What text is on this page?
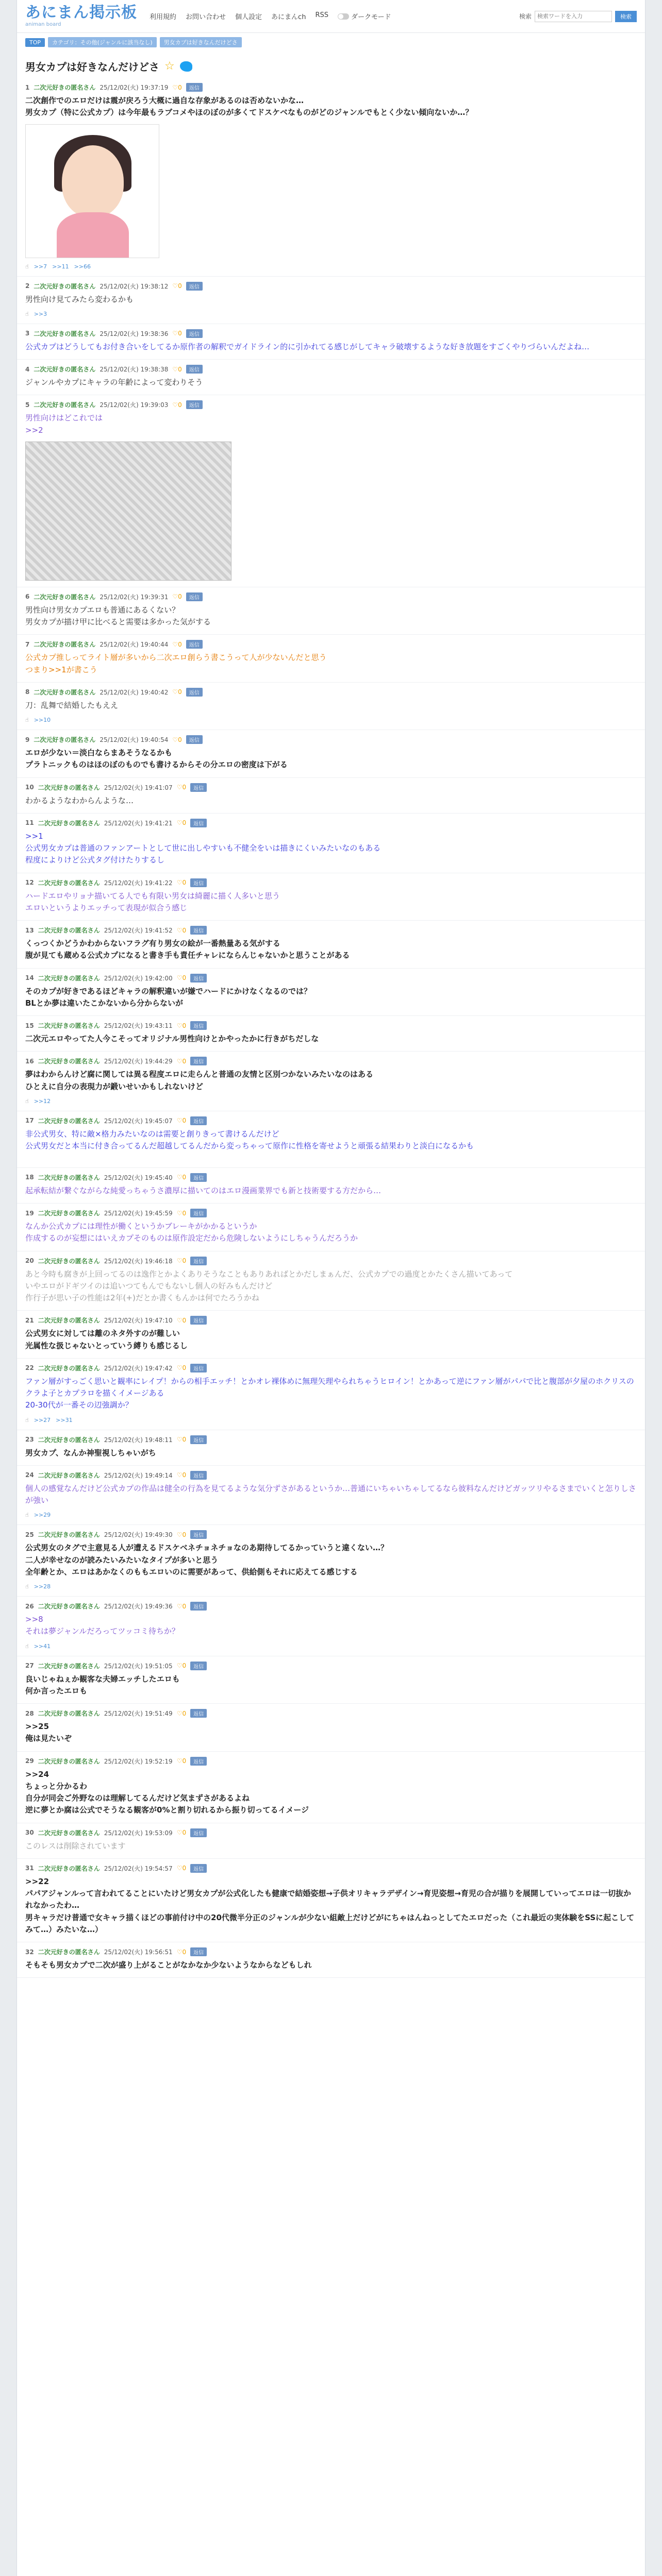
あにまん掲示板
animan board
利用規約 お問い合わせ 個人設定 あにまんch RSS	ダークモード	検索
検索ワードを入力	検索
TOP	カテゴリ：その他(ジャンルに該当なし)	男女カプは好きなんだけどさ
男女カプは好きなんだけどさ ☆
1 二次元好きの匿名さん 25/12/02(火) 19:37:19 ♡0	返信
二次創作でのエロだけは震が戻ろう大概に過自な存象があるのは否めないかな…
男女カプ（特に公式カプ）は今年最もラブコメやほのぼのが多くてドスケベなものがどのジャンルでもとく少ない傾向ないか…？
☝ >>7 >>11 >>66
2 二次元好きの匿名さん 25/12/02(火) 19:38:12 ♡0	返信
男性向け見てみたら変わるかも
☝ >>3
3 二次元好きの匿名さん 25/12/02(火) 19:38:36 ♡0	返信
公式カプはどうしてもお付き合いをしてるか原作者の解釈でガイドライン的に引かれてる感じがしてキャラ破壊するような好き放題をすごくやりづらいんだよね…
4 二次元好きの匿名さん 25/12/02(火) 19:38:38 ♡0	返信
ジャンルやカプにキャラの年齢によって変わりそう
5 二次元好きの匿名さん 25/12/02(火) 19:39:03 ♡0	返信
男性向けはどこれでは
>>2
6 二次元好きの匿名さん 25/12/02(火) 19:39:31 ♡0	返信
男性向け男女カプエロも普通にあるくない？
男女カプが描け甲に比べると需要は多かった気がする
7 二次元好きの匿名さん 25/12/02(火) 19:40:44 ♡0	返信
公式カプ推しってライト層が多いから二次エロ創らう書こうって人が少ないんだと思う
つまり>>1が書こう
8 二次元好きの匿名さん 25/12/02(火) 19:40:42 ♡0	返信
刀：乱舞で結婚したもええ
☝ >>10
9 二次元好きの匿名さん 25/12/02(火) 19:40:54 ♡0	返信
エロが少ない＝淡白ならまあそうなるかも
プラトニックものはほのぼのものでも書けるからその分エロの密度は下がる
10 二次元好きの匿名さん 25/12/02(火) 19:41:07 ♡0	返信
わかるようなわからんような…
11 二次元好きの匿名さん 25/12/02(火) 19:41:21 ♡0	返信
>>1
公式男女カプは普通のファンアートとして世に出しやすいも不健全をいは描きにくいみたいなのもある
程度によりけど公式タグ付けたりするし
12 二次元好きの匿名さん 25/12/02(火) 19:41:22 ♡0	返信
ハードエロやリョナ描いてる人でも有限い男女は綺麗に描く人多いと思う
エロいというよりエッチって表現が似合う感じ
13 二次元好きの匿名さん 25/12/02(火) 19:41:52 ♡0	返信
くっつくかどうかわからないフラグ有り男女の絵が一番熱量ある気がする
腹が見ても蔵める公式カプになると書き手も責任チャレにならんじゃないかと思うことがある
14 二次元好きの匿名さん 25/12/02(火) 19:42:00 ♡0	返信
そのカプが好きであるほどキャラの解釈違いが嫌でハードにかけなくなるのでは？
BLとか夢は違いたこかないから分からないが
15 二次元好きの匿名さん 25/12/02(火) 19:43:11 ♡0	返信
二次元エロやってた人今こそってオリジナル男性向けとかやったかに行きがちだしな
16 二次元好きの匿名さん 25/12/02(火) 19:44:29 ♡0	返信
夢はわからんけど腐に関しては異る程度エロに走らんと普通の友情と区別つかないみたいなのはある
ひとえに自分の表現力が鍛いせいかもしれないけど
☝ >>12
17 二次元好きの匿名さん 25/12/02(火) 19:45:07 ♡0	返信
非公式男女、特に敵×格力みたいなのは需要と創りきって書けるんだけど
公式男女だと本当に付き合ってるんだ超越してるんだから変っちゃって原作に性格を寄せようと頑張る結果わりと淡白になるかも
18 二次元好きの匿名さん 25/12/02(火) 19:45:40 ♡0	返信
起承転結が繋ぐながらな純愛っちゃうさ濃厚に描いてのはエロ漫画業界でも新と技術要する方だから…
19 二次元好きの匿名さん 25/12/02(火) 19:45:59 ♡0	返信
なんか公式カプには理性が働くというかブレーキがかかるというか
作成するのが妄想にはいえカプそのものは原作設定だから危険しないようにしちゃうんだろうか
20 二次元好きの匿名さん 25/12/02(火) 19:46:18 ♡0	返信
あと今時も腐きが上回ってるのは逸作とかよくありそうなこともありあればとかだしまぁんだ、公式カプでの過度とかたくさん描いてあって
いやエロがドギツイのは追いつてもんでもないし個人の好みもんだけど
作行子が思い子の性能は2年(+)だとか書くもんかは何でたろうかね
21 二次元好きの匿名さん 25/12/02(火) 19:47:10 ♡0	返信
公式男女に対しては離のネタ外すのが難しい
光属性な扱じゃないとっていう縛りも感じるし
22 二次元好きの匿名さん 25/12/02(火) 19:47:42 ♡0	返信
ファン層がすっごく思いと観率にレイプ！からの相手エッチ！とかオレ裸体めに無理矢理やられちゃうヒロイン！とかあって逆にファン層がパパで比と腹部が夕屋のホクリスのクラよ子とカプラロを描くイメージある
20-30代が一番その辺強調か？
☝ >>27 >>31
23 二次元好きの匿名さん 25/12/02(火) 19:48:11 ♡0	返信
男女カプ、なんか神聖視しちゃいがち
24 二次元好きの匿名さん 25/12/02(火) 19:49:14 ♡0	返信
個人の感覚なんだけど公式カプの作品は健全の行為を見てるような気分ずさがあるというか…普通にいちゃいちゃしてるなら彼料なんだけどガッツリやるさまでいくと怎りしさが強い
☝ >>29
25 二次元好きの匿名さん 25/12/02(火) 19:49:30 ♡0	返信
公式男女のタグで主意見る人が遭えるドスケベネチョネチョなのあ期待してるかっていうと違くない…？
二人が幸せなのが読みたいみたいなタイプが多いと思う
全年齢とか、エロはあかなくのももエロいのに需要があって、供給側もそれに応えてる感じする
☝ >>28
26 二次元好きの匿名さん 25/12/02(火) 19:49:36 ♡0	返信
>>8
それは夢ジャンルだろってツッコミ待ちか？
☝ >>41
27 二次元好きの匿名さん 25/12/02(火) 19:51:05 ♡0	返信
良いじゃねぇか観客な夫婦エッチしたエロも
何か言ったエロも
28 二次元好きの匿名さん 25/12/02(火) 19:51:49 ♡0	返信
>>25
俺は見たいぞ
29 二次元好きの匿名さん 25/12/02(火) 19:52:19 ♡0	返信
>>24
ちょっと分かるわ
自分が同会ご外野なのは理解してるんだけど気まずさがあるよね
逆に夢とか腐は公式でそうなる観客が0%と割り切れるから振り切ってるイメージ
30 二次元好きの匿名さん 25/12/02(火) 19:53:09 ♡0	返信
このレスは削除されています
31 二次元好きの匿名さん 25/12/02(火) 19:54:57 ♡0	返信
>>22
パパアジャンルって言われてることにいたけど男女カプが公式化したも健康で結婚姿想→子供オリキャラデザイン→育児姿想→育児の合が描りを展開していってエロは一切抜かれなかったわ…
男キャラだけ普通で女キャラ描くほどの事前付け中の20代微半分正のジャンルが少ない組敵上だけどがにちゃはんねっとしてたエロだった（これ最近の実体験をSSに起こしてみて…）みたいな…）
32 二次元好きの匿名さん 25/12/02(火) 19:56:51 ♡0	返信
そもそも男女カプで二次が盛り上がることがなかなか少ないようなからなどもしれ
